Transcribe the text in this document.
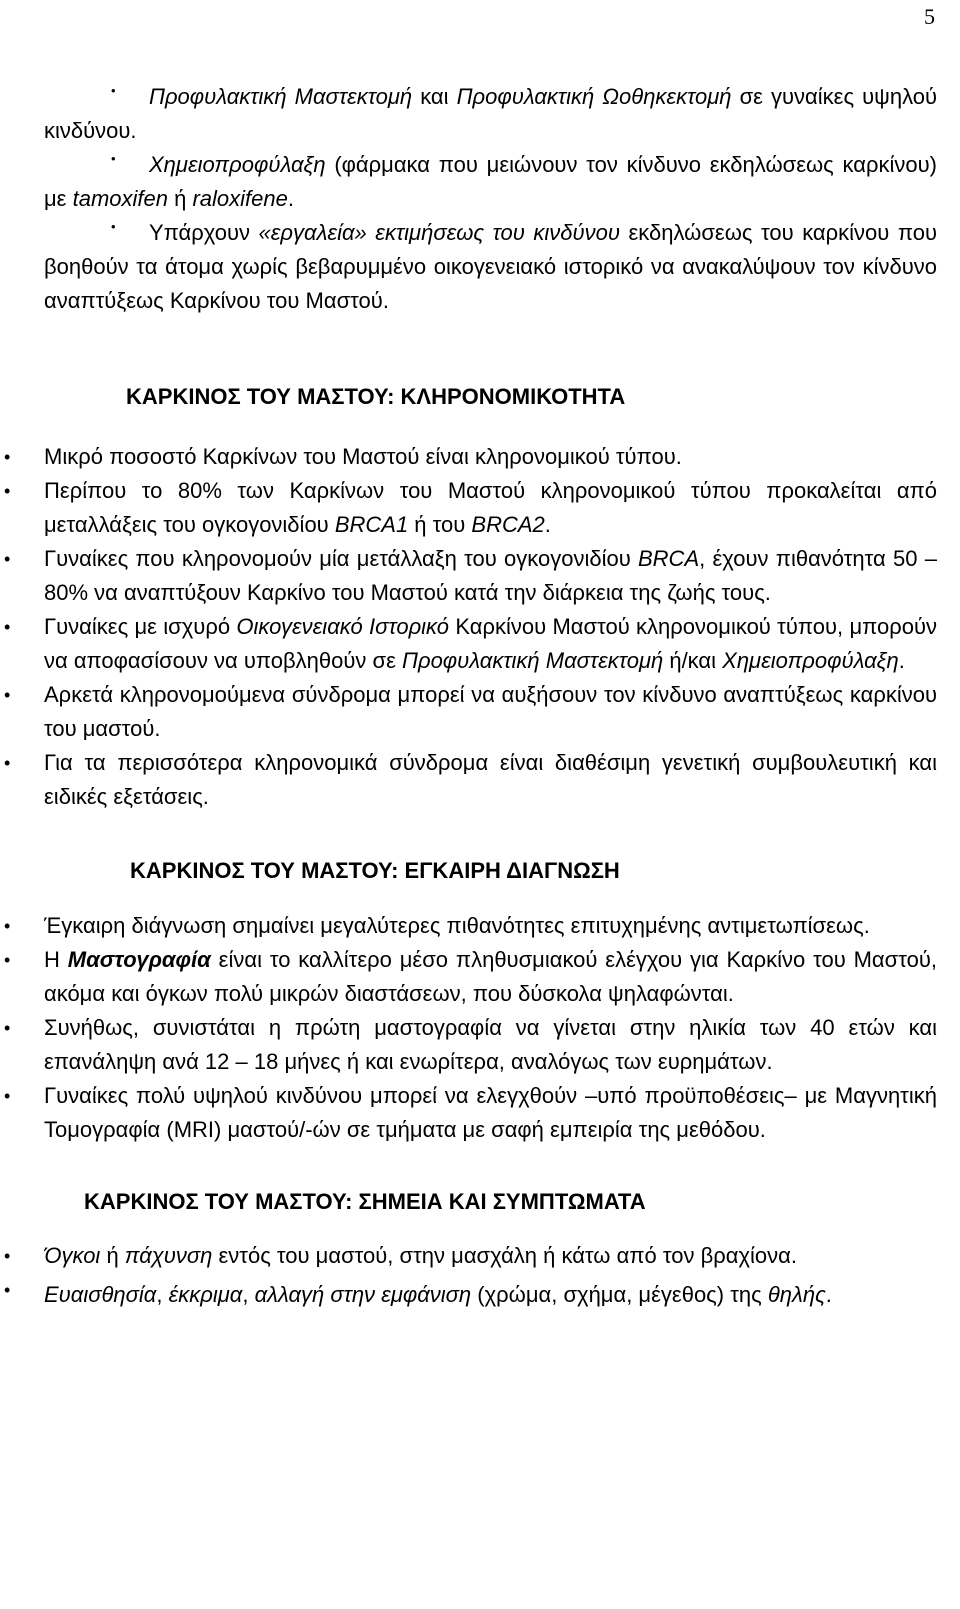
5
• Προφυλακτική Μαστεκτομή και Προφυλακτική Ωοθηκεκτομή σε γυναίκες υψηλού κινδύνου.
• Χημειοπροφύλαξη (φάρμακα που μειώνουν τον κίνδυνο εκδηλώσεως καρκίνου) με tamoxifen ή raloxifene.
• Υπάρχουν «εργαλεία» εκτιμήσεως του κινδύνου εκδηλώσεως του καρκίνου που βοηθούν τα άτομα χωρίς βεβαρυμμένο οικογενειακό ιστορικό να ανακαλύψουν τον κίνδυνο αναπτύξεως Καρκίνου του Μαστού.
ΚΑΡΚΙΝΟΣ ΤΟΥ ΜΑΣΤΟΥ: ΚΛΗΡΟΝΟΜΙΚΟΤΗΤΑ
• Μικρό ποσοστό Καρκίνων του Μαστού είναι κληρονομικού τύπου.
• Περίπου το 80% των Καρκίνων του Μαστού κληρονομικού τύπου προκαλείται από μεταλλάξεις του ογκογονιδίου BRCA1 ή του BRCA2.
• Γυναίκες που κληρονομούν μία μετάλλαξη του ογκογονιδίου BRCA, έχουν πιθανότητα 50 – 80% να αναπτύξουν Καρκίνο του Μαστού κατά την διάρκεια της ζωής τους.
• Γυναίκες με ισχυρό Οικογενειακό Ιστορικό Καρκίνου Μαστού κληρονομικού τύπου, μπορούν να αποφασίσουν να υποβληθούν σε Προφυλακτική Μαστεκτομή ή/και Χημειοπροφύλαξη.
• Αρκετά κληρονομούμενα σύνδρομα μπορεί να αυξήσουν τον κίνδυνο αναπτύξεως καρκίνου του μαστού.
• Για τα περισσότερα κληρονομικά σύνδρομα είναι διαθέσιμη γενετική συμβουλευτική και ειδικές εξετάσεις.
ΚΑΡΚΙΝΟΣ ΤΟΥ ΜΑΣΤΟΥ: ΕΓΚΑΙΡΗ ΔΙΑΓΝΩΣΗ
• Έγκαιρη διάγνωση σημαίνει μεγαλύτερες πιθανότητες επιτυχημένης αντιμετωπίσεως.
• Η Μαστογραφία είναι το καλλίτερο μέσο πληθυσμιακού ελέγχου για Καρκίνο του Μαστού, ακόμα και όγκων πολύ μικρών διαστάσεων, που δύσκολα ψηλαφώνται.
• Συνήθως, συνιστάται η πρώτη μαστογραφία να γίνεται στην ηλικία των 40 ετών και επανάληψη ανά 12 – 18 μήνες ή και ενωρίτερα, αναλόγως των ευρημάτων.
• Γυναίκες πολύ υψηλού κινδύνου μπορεί να ελεγχθούν –υπό προϋποθέσεις– με Μαγνητική Τομογραφία (MRI) μαστού/-ών σε τμήματα με σαφή εμπειρία της μεθόδου.
ΚΑΡΚΙΝΟΣ ΤΟΥ ΜΑΣΤΟΥ: ΣΗΜΕΙΑ ΚΑΙ ΣΥΜΠΤΩΜΑΤΑ
• Όγκοι ή πάχυνση εντός του μαστού, στην μασχάλη ή κάτω από τον βραχίονα.
• Ευαισθησία, έκκριμα, αλλαγή στην εμφάνιση (χρώμα, σχήμα, μέγεθος) της θηλής.
